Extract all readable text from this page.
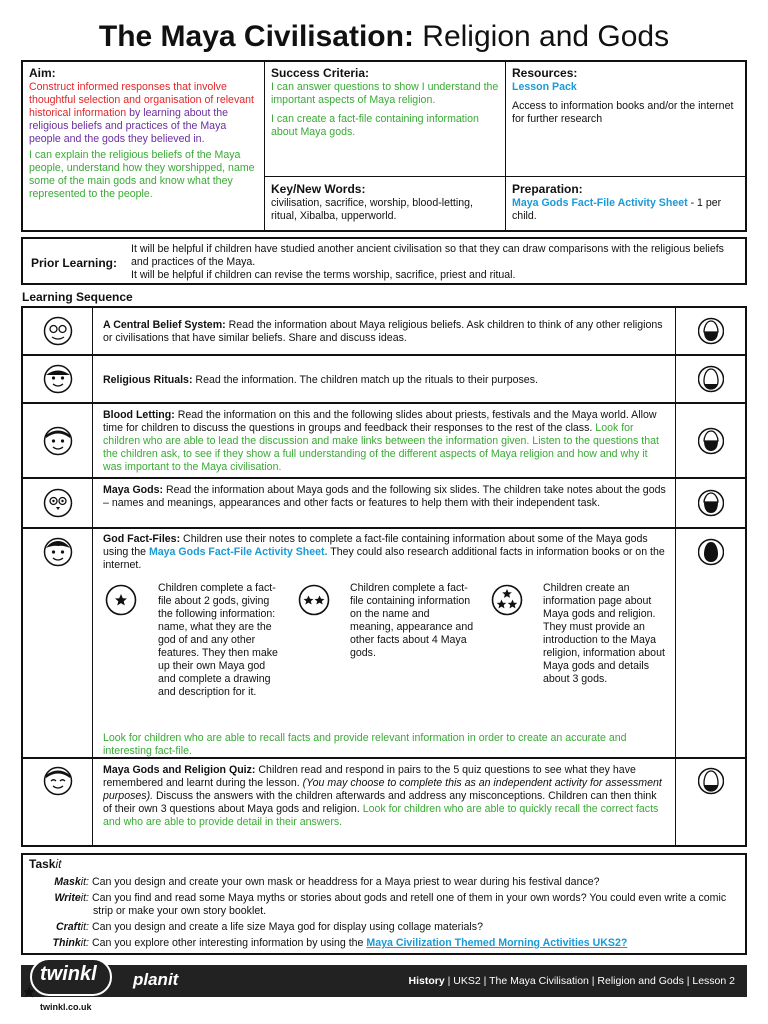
The Maya Civilisation: Religion and Gods
Aim:
Construct informed responses that involve thoughtful selection and organisation of relevant historical information by learning about the religious beliefs and practices of the Maya people and the gods they believed in.
I can explain the religious beliefs of the Maya people, understand how they worshipped, name some of the main gods and know what they represented to the people.
Success Criteria:
I can answer questions to show I understand the important aspects of Maya religion.
I can create a fact-file containing information about Maya gods.
Resources:
Lesson Pack
Access to information books and/or the internet for further research
Key/New Words:
civilisation, sacrifice, worship, blood-letting, ritual, Xibalba, upperworld.
Preparation:
Maya Gods Fact-File Activity Sheet - 1 per child.
Prior Learning:
It will be helpful if children have studied another ancient civilisation so that they can draw comparisons with the religious beliefs and practices of the Maya.
It will be helpful if children can revise the terms worship, sacrifice, priest and ritual.
Learning Sequence
A Central Belief System: Read the information about Maya religious beliefs. Ask children to think of any other religions or civilisations that have similar beliefs. Share and discuss ideas.
Religious Rituals: Read the information. The children match up the rituals to their purposes.
Blood Letting: Read the information on this and the following slides about priests, festivals and the Maya world. Allow time for children to discuss the questions in groups and feedback their responses to the rest of the class. Look for children who are able to lead the discussion and make links between the information given. Listen to the questions that the children ask, to see if they show a full understanding of the different aspects of Maya religion and how and why it was important to the Maya civilisation.
Maya Gods: Read the information about Maya gods and the following six slides. The children take notes about the gods – names and meanings, appearances and other facts or features to help them with their independent task.
God Fact-Files: Children use their notes to complete a fact-file containing information about some of the Maya gods using the Maya Gods Fact-File Activity Sheet. They could also research additional facts in information books or on the internet.
Children complete a fact-file about 2 gods, giving the following information: name, what they are the god of and any other features. They then make up their own Maya god and complete a drawing and description for it.
Children complete a fact-file containing information on the name and meaning, appearance and other facts about 4 Maya gods.
Children create an information page about Maya gods and religion. They must provide an introduction to the Maya religion, information about Maya gods and details about 3 gods.
Look for children who are able to recall facts and provide relevant information in order to create an accurate and interesting fact-file.
Maya Gods and Religion Quiz: Children read and respond in pairs to the 5 quiz questions to see what they have remembered and learnt during the lesson. (You may choose to complete this as an independent activity for assessment purposes). Discuss the answers with the children afterwards and address any misconceptions. Children can then think of their own 3 questions about Maya gods and religion. Look for children who are able to quickly recall the correct facts and who are able to provide detail in their answers.
Taskit
Maskit: Can you design and create your own mask or headdress for a Maya priest to wear during his festival dance?
Writeit: Can you find and read some Maya myths or stories about gods and retell one of them in your own words? You could even write a comic strip or make your own story booklet.
Craftit: Can you design and create a life size Maya god for display using collage materials?
Thinkit: Can you explore other interesting information by using the Maya Civilization Themed Morning Activities UKS2?
planit	History | UKS2 | The Maya Civilisation | Religion and Gods | Lesson 2
twinkl
twinkl.co.uk
